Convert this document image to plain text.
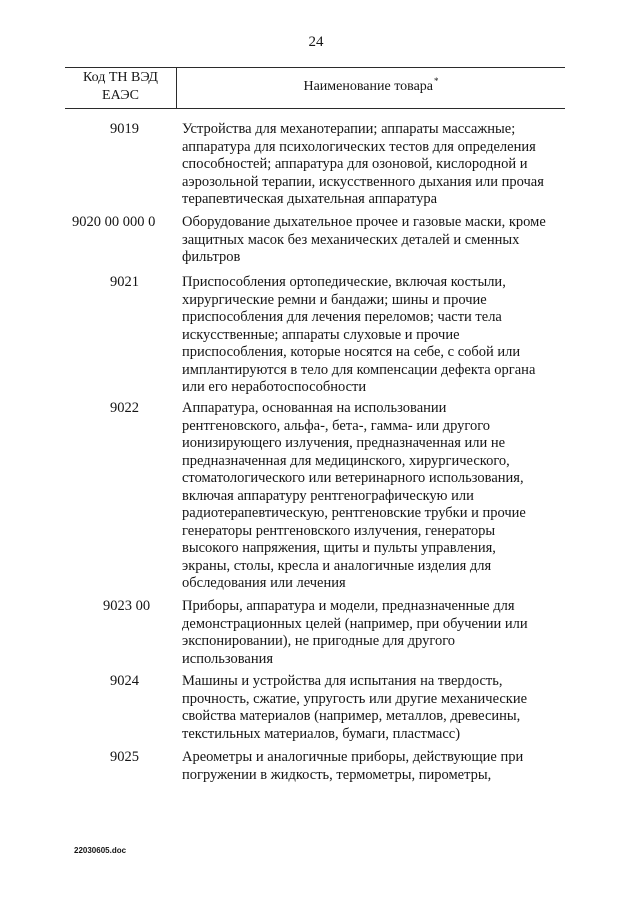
24
Код ТН ВЭД
ЕАЭС
Наименование товара*
9019	Устройства для механотерапии; аппараты массажные;
аппаратура для психологических тестов для определения
способностей; аппаратура для озоновой, кислородной и
аэрозольной терапии, искусственного дыхания или прочая
терапевтическая дыхательная аппаратура
9020 00 000 0 Оборудование дыхательное прочее и газовые маски, кроме
защитных масок без механических деталей и сменных
фильтров
9021	Приспособления ортопедические, включая костыли,
хирургические ремни и бандажи; шины и прочие
приспособления для лечения переломов; части тела
искусственные; аппараты слуховые и прочие
приспособления, которые носятся на себе, с собой или
имплантируются в тело для компенсации дефекта органа
или его неработоспособности
9022	Аппаратура, основанная на использовании
рентгеновского, альфа-, бета-, гамма- или другого
ионизирующего излучения, предназначенная или не
предназначенная для медицинского, хирургического,
стоматологического или ветеринарного использования,
включая аппаратуру рентгенографическую или
радиотерапевтическую, рентгеновские трубки и прочие
генераторы рентгеновского излучения, генераторы
высокого напряжения, щиты и пульты управления,
экраны, столы, кресла и аналогичные изделия для
обследования или лечения
9023 00 Приборы, аппаратура и модели, предназначенные для
демонстрационных целей (например, при обучении или
экспонировании), не пригодные для другого
использования
9024	Машины и устройства для испытания на твердость,
прочность, сжатие, упругость или другие механические
свойства материалов (например, металлов, древесины,
текстильных материалов, бумаги, пластмасс)
9025	Ареометры и аналогичные приборы, действующие при
погружении в жидкость, термометры, пирометры,
22030605.doc
